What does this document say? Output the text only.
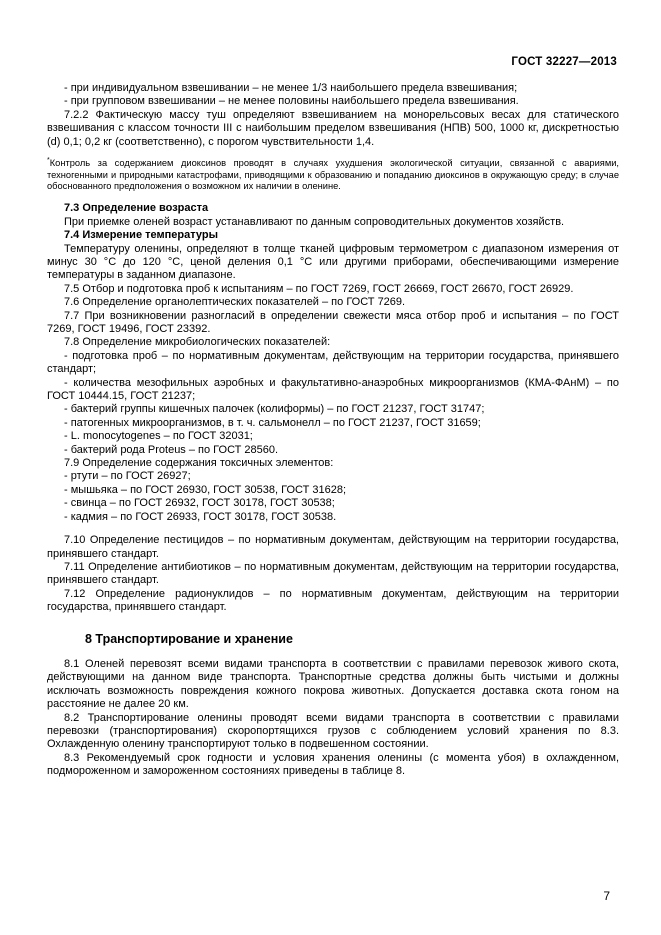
ГОСТ 32227—2013

- при индивидуальном взвешивании – не менее 1/3 наибольшего предела взвешивания;

- при групповом взвешивании – не менее половины наибольшего предела взвешивания.

7.2.2 Фактическую массу туш определяют взвешиванием на монорельсовых весах для статического взвешивания с классом точности III с наибольшим пределом взвешивания (НПВ) 500, 1000 кг, дискретностью (d) 0,1; 0,2 кг (соответственно), с порогом чувствительности 1,4.

*Контроль за содержанием диоксинов проводят в случаях ухудшения экологической ситуации, связанной с авариями, техногенными и природными катастрофами, приводящими к образованию и попаданию диоксинов в окружающую среду; в случае обоснованного предположения о возможном их наличии в оленине.

7.3 Определение возраста

При приемке оленей возраст устанавливают по данным сопроводительных документов хозяйств.

7.4 Измерение температуры

Температуру оленины, определяют в толще тканей цифровым термометром с диапазоном измерения от минус 30 °С до 120 °С, ценой деления 0,1 °С или другими приборами, обеспечивающими измерение температуры в заданном диапазоне.

7.5 Отбор и подготовка проб к испытаниям – по ГОСТ 7269, ГОСТ 26669, ГОСТ 26670, ГОСТ 26929.

7.6 Определение органолептических показателей – по ГОСТ 7269.

7.7 При возникновении разногласий в определении свежести мяса отбор проб и испытания – по ГОСТ 7269, ГОСТ 19496, ГОСТ 23392.

7.8 Определение микробиологических показателей:

- подготовка проб – по нормативным документам, действующим на территории государства, принявшего стандарт;

- количества мезофильных аэробных и факультативно-анаэробных микроорганизмов (КМА-ФАнМ) – по ГОСТ 10444.15, ГОСТ 21237;

- бактерий группы кишечных палочек (колиформы) – по ГОСТ 21237, ГОСТ 31747;

- патогенных микроорганизмов, в т. ч. сальмонелл – по ГОСТ 21237, ГОСТ 31659;

- L. monocytogenes – по ГОСТ 32031;

- бактерий рода Proteus – по ГОСТ 28560.

7.9 Определение содержания токсичных элементов:

- ртути – по ГОСТ 26927;

- мышьяка – по ГОСТ 26930, ГОСТ 30538, ГОСТ 31628;

- свинца – по ГОСТ 26932, ГОСТ 30178, ГОСТ 30538;

- кадмия – по ГОСТ 26933, ГОСТ 30178, ГОСТ 30538.

7.10 Определение пестицидов – по нормативным документам, действующим на территории государства, принявшего стандарт.

7.11 Определение антибиотиков – по нормативным документам, действующим на территории государства, принявшего стандарт.

7.12 Определение радионуклидов – по нормативным документам, действующим на территории государства, принявшего стандарт.

8 Транспортирование и хранение

8.1 Оленей перевозят всеми видами транспорта в соответствии с правилами перевозок живого скота, действующими на данном виде транспорта. Транспортные средства должны быть чистыми и должны исключать возможность повреждения кожного покрова животных. Допускается доставка скота гоном на расстояние не далее 20 км.

8.2 Транспортирование оленины проводят всеми видами транспорта в соответствии с правилами перевозки (транспортирования) скоропортящихся грузов с соблюдением условий хранения по 8.3. Охлажденную оленину транспортируют только в подвешенном состоянии.

8.3 Рекомендуемый срок годности и условия хранения оленины (с момента убоя) в охлажденном, подмороженном и замороженном состояниях приведены в таблице 8.

7
